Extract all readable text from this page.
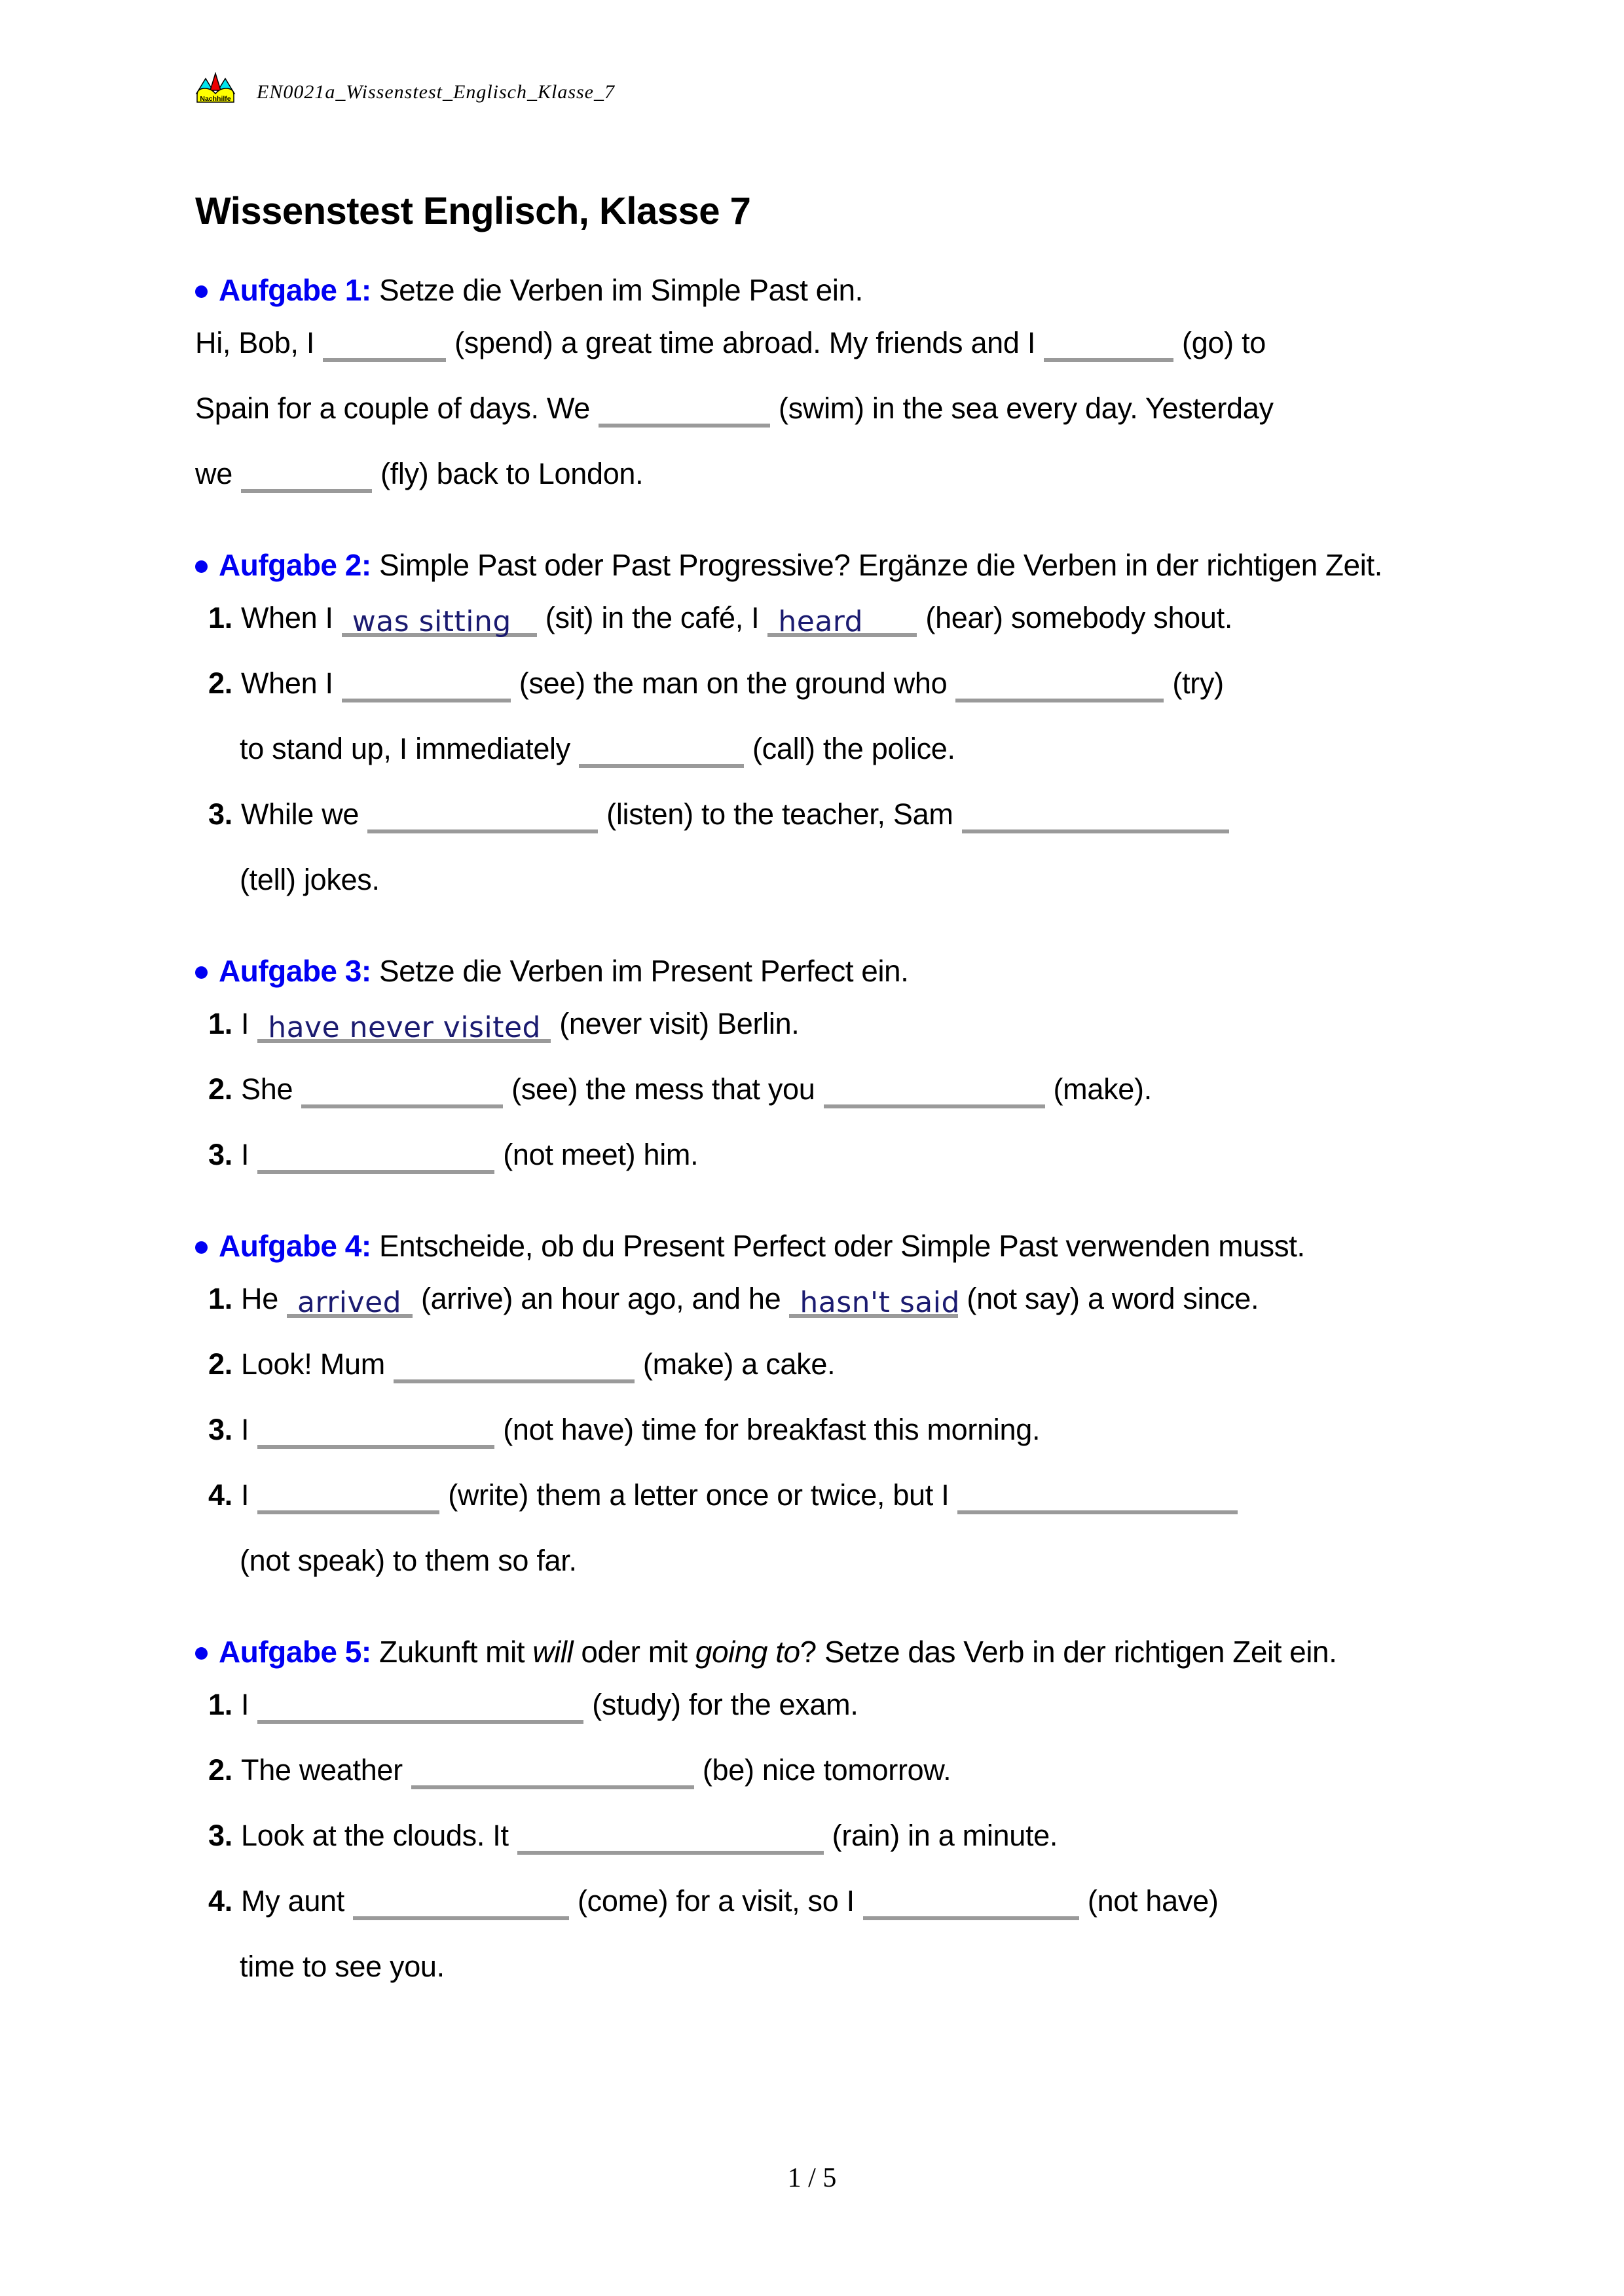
Nachhilfe EN0021a_Wissenstest_Englisch_Klasse_7
Wissenstest Englisch, Klasse 7
Aufgabe 1: Setze die Verben im Simple Past ein.
Hi, Bob, I	(spend) a great time abroad. My friends and I	(go) to
Spain for a couple of days. We	(swim) in the sea every day. Yesterday
we	(fly) back to London.
Aufgabe 2: Simple Past oder Past Progressive? Ergänze die Verben in der richtigen Zeit.
1. When I was sitting (sit) in the café, I heard (hear) somebody shout.
2. When I	(see) the man on the ground who	(try)
to stand up, I immediately	(call) the police.
3. While we	(listen) to the teacher, Sam
(tell) jokes.
Aufgabe 3: Setze die Verben im Present Perfect ein.
1. I have never visited (never visit) Berlin.
2. She	(see) the mess that you	(make).
3. I	(not meet) him.
Aufgabe 4: Entscheide, ob du Present Perfect oder Simple Past verwenden musst.
1. He arrived (arrive) an hour ago, and he hasn't said (not say) a word since.
2. Look! Mum	(make) a cake.
3. I	(not have) time for breakfast this morning.
4. I	(write) them a letter once or twice, but I
(not speak) to them so far.
Aufgabe 5: Zukunft mit will oder mit going to? Setze das Verb in der richtigen Zeit ein.
1. I	(study) for the exam.
2. The weather	(be) nice tomorrow.
3. Look at the clouds. It	(rain) in a minute.
4. My aunt	(come) for a visit, so I	(not have)
time to see you.
1 / 5
